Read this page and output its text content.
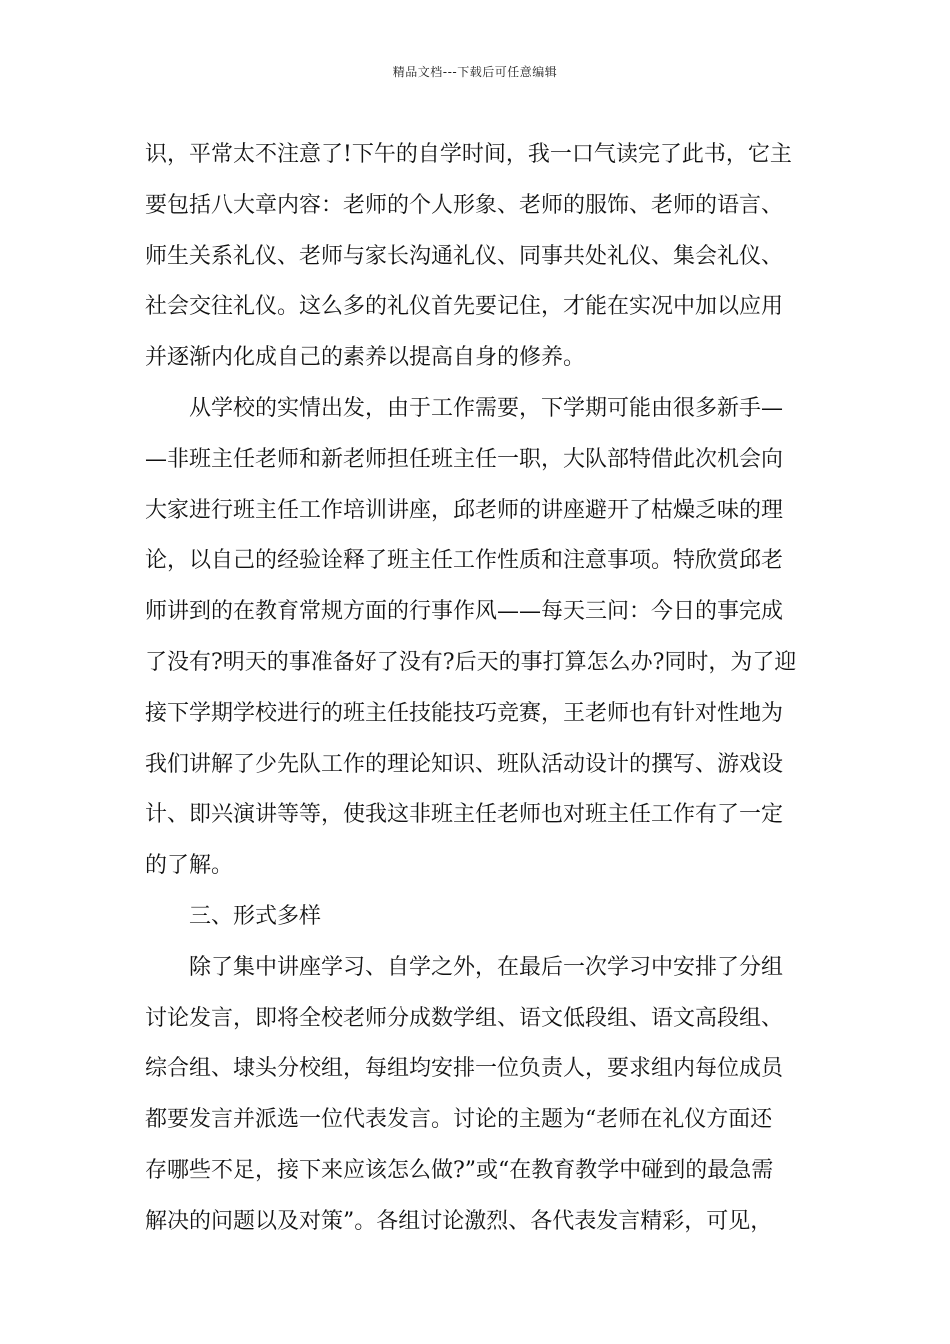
精品文档---下载后可任意编辑
识，平常太不注意了!下午的自学时间，我一口气读完了此书，它主
要包括八大章内容：老师的个人形象、老师的服饰、老师的语言、
师生关系礼仪、老师与家长沟通礼仪、同事共处礼仪、集会礼仪、
社会交往礼仪。这么多的礼仪首先要记住，才能在实况中加以应用
并逐渐内化成自己的素养以提高自身的修养。
从学校的实情出发，由于工作需要，下学期可能由很多新手—
—非班主任老师和新老师担任班主任一职，大队部特借此次机会向
大家进行班主任工作培训讲座，邱老师的讲座避开了枯燥乏味的理
论，以自己的经验诠释了班主任工作性质和注意事项。特欣赏邱老
师讲到的在教育常规方面的行事作风——每天三问：今日的事完成
了没有?明天的事准备好了没有?后天的事打算怎么办?同时，为了迎
接下学期学校进行的班主任技能技巧竞赛，王老师也有针对性地为
我们讲解了少先队工作的理论知识、班队活动设计的撰写、游戏设
计、即兴演讲等等，使我这非班主任老师也对班主任工作有了一定
的了解。
三、形式多样
除了集中讲座学习、自学之外，在最后一次学习中安排了分组
讨论发言，即将全校老师分成数学组、语文低段组、语文高段组、
综合组、埭头分校组，每组均安排一位负责人，要求组内每位成员
都要发言并派选一位代表发言。讨论的主题为“老师在礼仪方面还
存哪些不足，接下来应该怎么做?”或“在教育教学中碰到的最急需
解决的问题以及对策”。各组讨论激烈、各代表发言精彩，可见，
